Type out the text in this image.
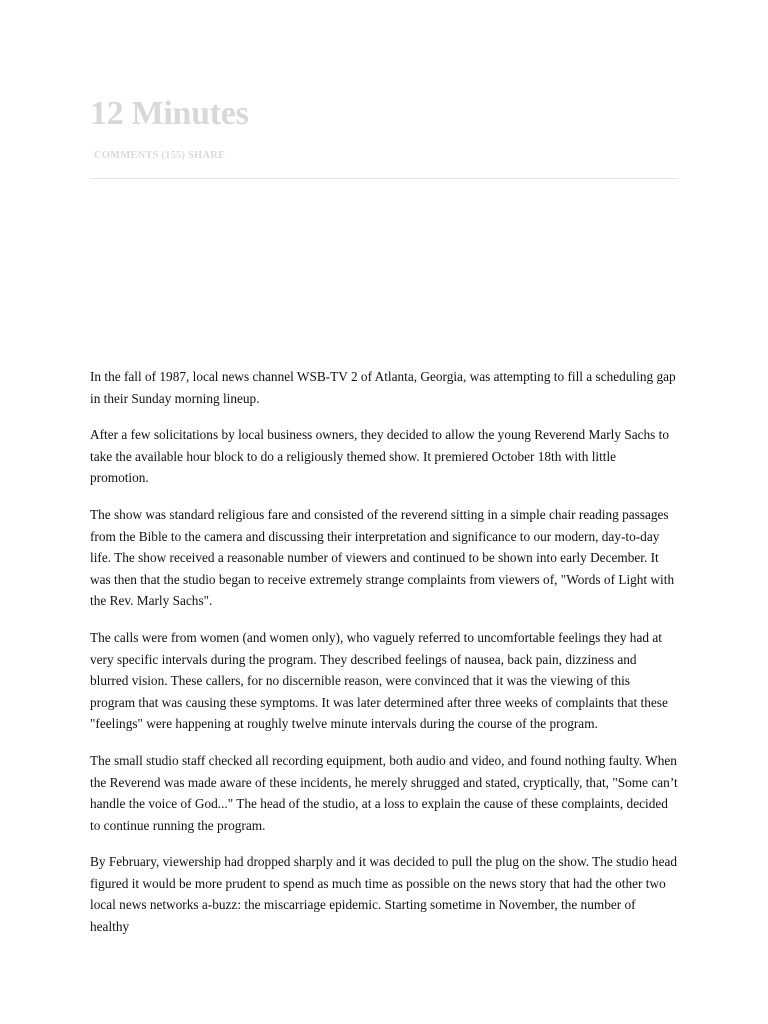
12 Minutes
COMMENTS (155) SHARE

In the fall of 1987, local news channel WSB-TV 2 of Atlanta, Georgia, was attempting to fill a scheduling gap in their Sunday morning lineup.

After a few solicitations by local business owners, they decided to allow the young Reverend Marly Sachs to take the available hour block to do a religiously themed show. It premiered October 18th with little promotion.

The show was standard religious fare and consisted of the reverend sitting in a simple chair reading passages from the Bible to the camera and discussing their interpretation and significance to our modern, day-to-day life. The show received a reasonable number of viewers and continued to be shown into early December. It was then that the studio began to receive extremely strange complaints from viewers of, "Words of Light with the Rev. Marly Sachs".

The calls were from women (and women only), who vaguely referred to uncomfortable feelings they had at very specific intervals during the program. They described feelings of nausea, back pain, dizziness and blurred vision. These callers, for no discernible reason, were convinced that it was the viewing of this program that was causing these symptoms. It was later determined after three weeks of complaints that these "feelings" were happening at roughly twelve minute intervals during the course of the program.

The small studio staff checked all recording equipment, both audio and video, and found nothing faulty. When the Reverend was made aware of these incidents, he merely shrugged and stated, cryptically, that, "Some can’t handle the voice of God..." The head of the studio, at a loss to explain the cause of these complaints, decided to continue running the program.

By February, viewership had dropped sharply and it was decided to pull the plug on the show. The studio head figured it would be more prudent to spend as much time as possible on the news story that had the other two local news networks a-buzz: the miscarriage epidemic. Starting sometime in November, the number of healthy
